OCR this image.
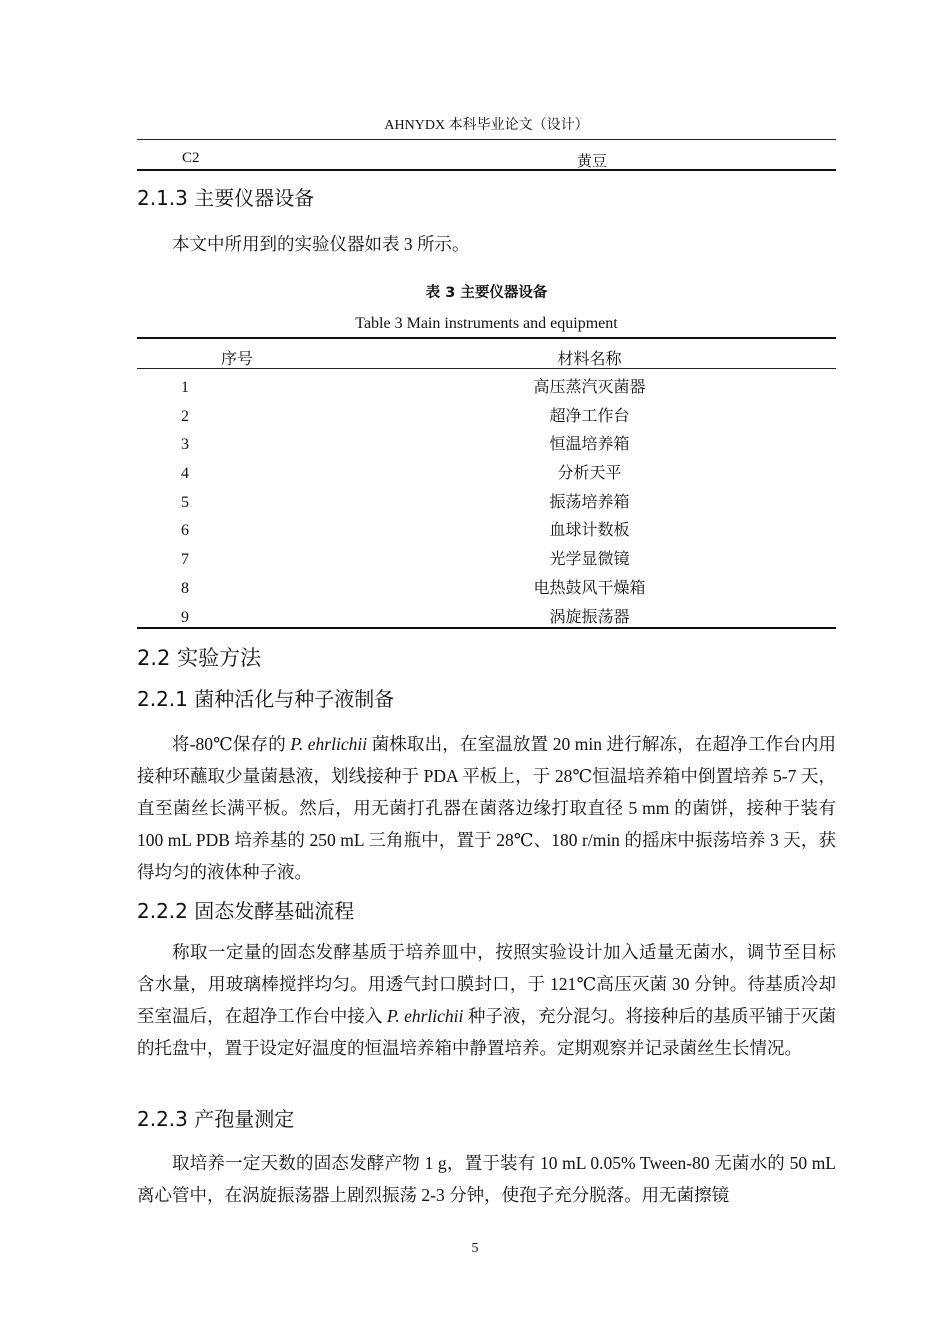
AHNYDX 本科毕业论文（设计）
C2	黄豆
2.1.3 主要仪器设备
本文中所用到的实验仪器如表 3 所示。
表 3 主要仪器设备
Table 3 Main instruments and equipment
序号	材料名称
1	高压蒸汽灭菌器
2	超净工作台
3	恒温培养箱
4	分析天平
5	振荡培养箱
6	血球计数板
7	光学显微镜
8	电热鼓风干燥箱
9	涡旋振荡器
2.2 实验方法
2.2.1 菌种活化与种子液制备

将-80℃保存的 P. ehrlichii 菌株取出，在室温放置 20 min 进行解冻，在超净工作台内用接种环蘸取少量菌悬液，划线接种于 PDA 平板上，于 28℃恒温培养箱中倒置培养 5-7 天，直至菌丝长满平板。然后，用无菌打孔器在菌落边缘打取直径 5 mm 的菌饼，接种于装有 100 mL PDB 培养基的 250 mL 三角瓶中，置于 28℃、180 r/min 的摇床中振荡培养 3 天，获得均匀的液体种子液。

2.2.2 固态发酵基础流程

称取一定量的固态发酵基质于培养皿中，按照实验设计加入适量无菌水，调节至目标含水量，用玻璃棒搅拌均匀。用透气封口膜封口，于 121℃高压灭菌 30 分钟。待基质冷却至室温后，在超净工作台中接入 P. ehrlichii 种子液，充分混匀。将接种后的基质平铺于灭菌的托盘中，置于设定好温度的恒温培养箱中静置培养。定期观察并记录菌丝生长情况。

2.2.3 产孢量测定

取培养一定天数的固态发酵产物 1 g，置于装有 10 mL 0.05% Tween-80 无菌水的 50 mL 离心管中，在涡旋振荡器上剧烈振荡 2-3 分钟，使孢子充分脱落。用无菌擦镜

5
